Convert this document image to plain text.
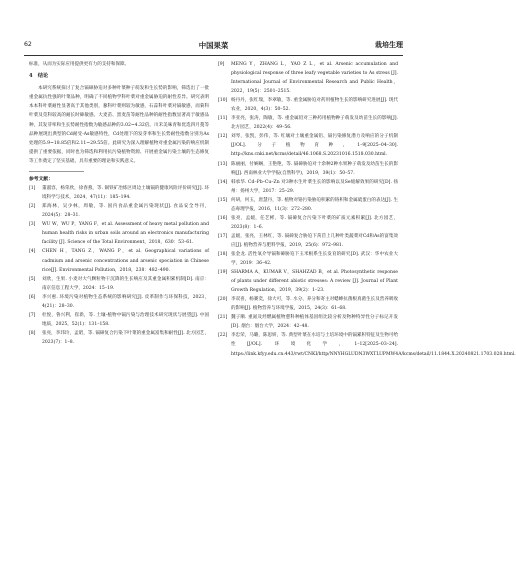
62	中国果菜	栽培生理

标准，从而为实际应用提供更有力的支持和保障。

4　结论

本研究系统探讨了复合镉砷胁迫对多种叶菜种子萌发和生长势的影响，筛选出了一批重金属抗性强的叶菜品种，明确了不同植物学科叶菜对重金属胁迫的耐性差异。研究表明本本科叶菜耐性显著高于其他类别，蓼科叶菜则较为敏感，石蒜科叶菜对镉敏感，而菊科叶菜及苋科较高的耐长时砷敏感。大麦苗、黑麦苗等耐性品种的耐性指数显著高于敏感品种，其发芽率和生长势耐性指数为敏感品种的3.02~4.32倍。川禾美味青和优选四月蔓等品种展现出典型的Cd耐受-As敏感特性，Cd处理下的发芽率和生长势耐性指数分别为As处理的5.9~18.85倍和2.11~29.55倍。此研究为深入理解植物对重金属污染的响应机制提供了重要依据，同时也为筛选和利用抗污染植物资源、开展重金属污染土壤的生态修复等工作奠定了坚实基础，具有重要的理论和实践意义。

参考文献：
[1] 董淑容，杨荣欣，徐春燕，等. 铜铁矿冶炼区周边土壤镉的健康风险评价研究[J]. 环境科学与技术，2024，47(11)：185–194.
[2] 郑海林，吴少林，周敏，等. 国内食品重金属污染现状[J]. 食品安全导刊，2024(5)：28–31.
[3] WU W，WU P，YANG F，et al. Assessment of heavy metal pollution and human health risks in urban soils around an electronics manufacturing facility [J]. Science of the Total Environment，2018，630：53–61.
[4] CHEN H，TANG Z，WANG P，et al. Geographical variations of cadmium and arsenic concentrations and arsenic speciation in Chinese rice[J]. Environmental Pollution，2018，238：482–490.
[5] 刘欣，生果. 小麦对大气颗粒物干沉降的生长响应及其重金属积累机制[D]. 南京：南京信息工程大学，2024：15–19.
[6] 李兴惠. 环境污染对植物生态系统的影响研究[J]. 皮革制作与环保科技，2023，4(21)：28–30.
[7] 杜悦，鲁兴利，崔新，等. 土壤-植物中镉污染与治理技术研究现状与展望[J]. 中国地质，2025，52(1)：131–158.
[8] 张亮，李玮玲，孟昭，等. 镉砷复合污染下叶菜的重金属富集和耐性[J]. 北方园艺，2023(7)：1–8.
[9] MENG Y，ZHANG L，YAO Z L，et al. Arsenic accumulation and physiological response of three leafy vegetable varieties to As stress [J]. International Journal of Environmental Research and Public Health，2022，19(5)：2501–2515.
[10] 杨丹丹，张红瑞，李翠敏，等. 重金属胁迫对药用植物生长的影响研究进展[J]. 现代农业，2020，4(3)：50–52.
[11] 李亚亮，张涛，陶敏，等. 重金属铅对三种药用植物种子萌发及幼苗生长的影响[J]. 北方园艺，2022(4)：49–56.
[12] 刘琴，张凯，彭伟，等. 红壤对土壤重金属铅、镉污染修复潜力及响应的分子机制[J/OL]. 分子植物育种，1–9[2025–04–30]. http://kns.cnki.net/kcms/detail/46.1068.S.20231016.1518.030.html.
[13] 陈丽丽，付娴娴，王艳艳，等. 镉砷胁迫对十余种2种水果种子萌发及幼苗生长的影响[J]. 西南林业大学学报(自然科学)，2019，39(1)：50–57.
[14] 韩承华. Cd–Pb–Cu–Zn 对3种水生叶菜生长的影响以及Se缓解效果的研究[D]. 扬州：扬州大学，2017：25–29.
[15] 何研，何玉，唐慧丹，等. 植物对铬污染胁迫积累的铬积和金属硫蛋白的表达[J]. 生态毒理学报，2016，11(3)：272–280.
[16] 张亮，孟媛，任艺彬，等. 镉砷复合污染下叶菜的矿质元素积累[J]. 北方园艺，2023(8)：1–6.
[17] 孟媛，张亮，王林红，等. 镉砷复合胁迫下莴苣上几种叶类蔬菜对Cd和As的富集效应[J]. 植物营养与肥料学报，2019，25(6)：972–981.
[18] 张金龙. 活性氧介导镉和砷胁迫下玉米根系生长发育的研究[D]. 武汉：华中农业大学，2019：36–42.
[19] SHARMA A，KUMAR V，SHAHZAD B，et al. Photosynthetic response of plants under different abiotic stresses: A review [J]. Journal of Plant Growth Regulation，2019，39(2)：1–23.
[20] 李双喜，杨赛奕，徐大可，等. 水分、养分和寄主对蟋蟀抗菌根真菌生长及营养吸收的影响[J]. 植物营养与环境学报，2015，24(3)：61–68.
[21] 魏子顺. 重氮及烃燃属植物蒽科种植体基因组比较分析及物种特异性分子标记开发[D]. 烟台：烟台大学，2024：42–48.
[22] 李忠荣，马璐，陈思妍，等. 典型叶菜在水培与土培环境中的镉累积特征及生物可给性[J/OL]. 环境化学，1–12[2025–03–24]. https://link.kfyy.edu.cn:443/rwt/CNKI/http/NNYHGLUDN3WXTLUPMW4A/kcms/detail/11.1844.X.20240821.1703.028.html.
